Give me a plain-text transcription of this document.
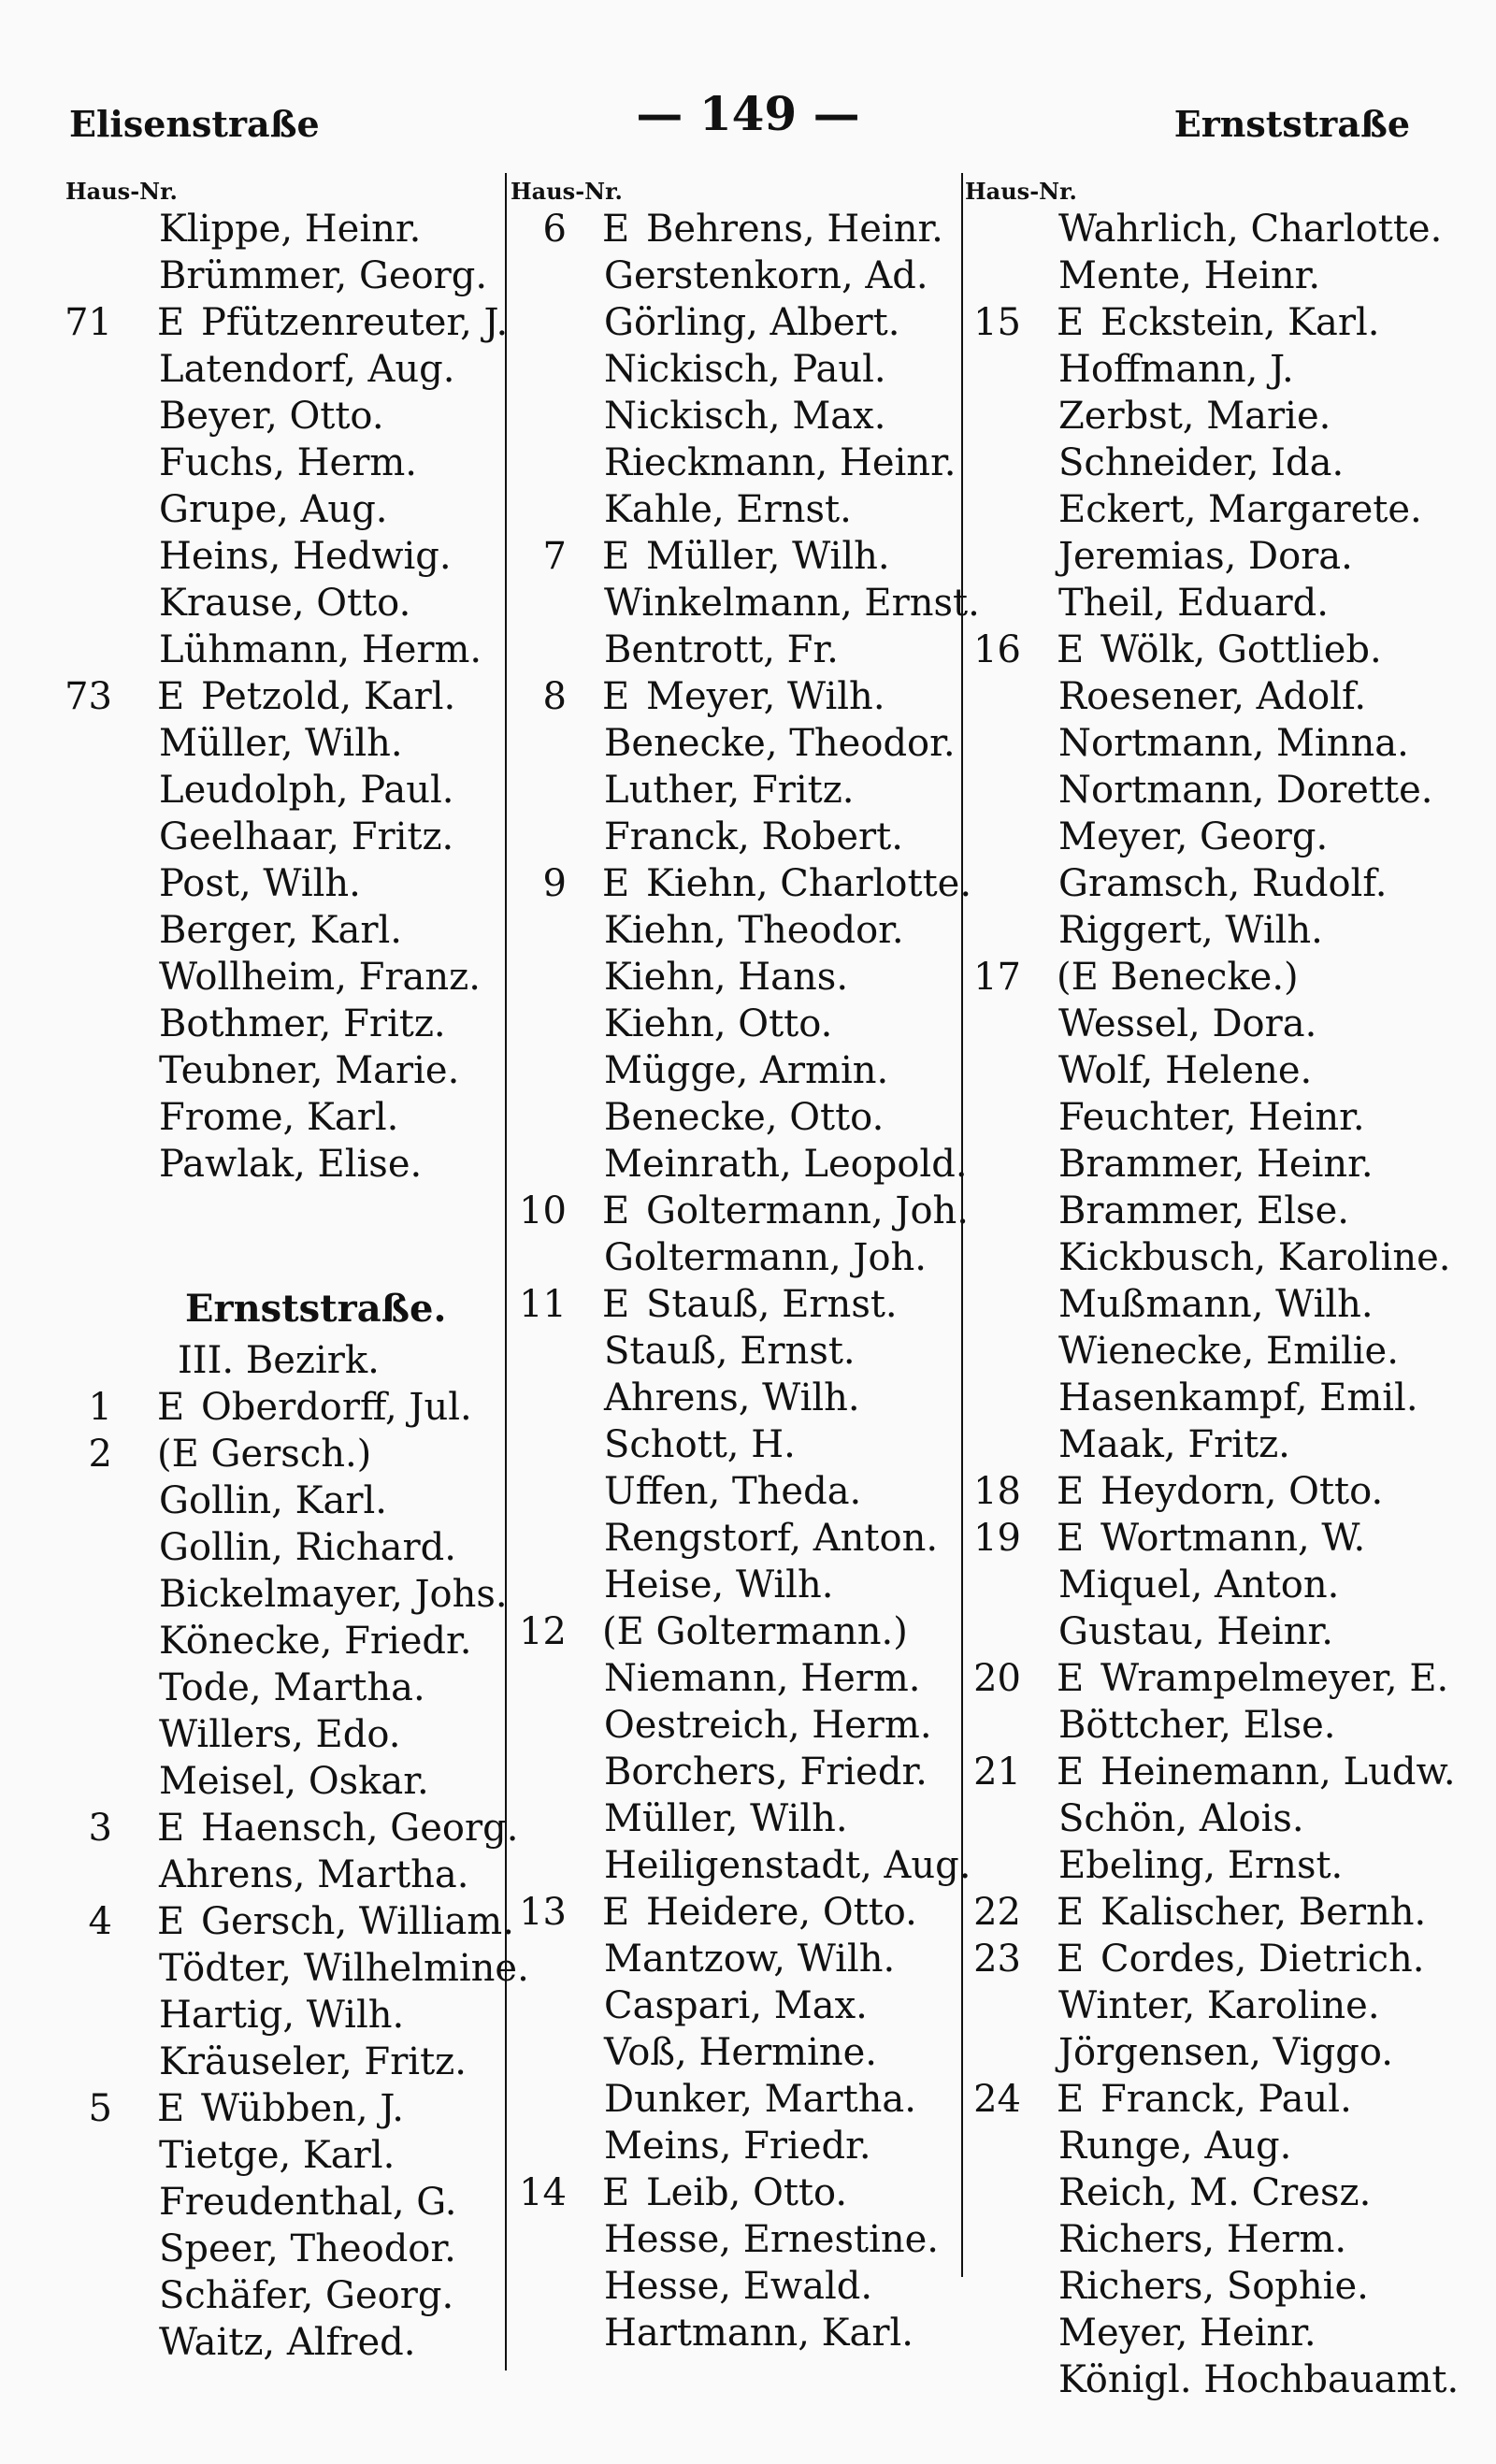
Elisenstraße	— 149 —	Ernststraße
Haus-Nr.
Klippe, Heinr.
Brümmer, Georg.
71 E Pfützenreuter, J.
Latendorf, Aug.
Beyer, Otto.
Fuchs, Herm.
Grupe, Aug.
Heins, Hedwig.
Krause, Otto.
Lühmann, Herm.
73 E Petzold, Karl.
Müller, Wilh.
Leudolph, Paul.
Geelhaar, Fritz.
Post, Wilh.
Berger, Karl.
Wollheim, Franz.
Bothmer, Fritz.
Teubner, Marie.
Frome, Karl.
Pawlak, Elise.
Ernststraße.
III. Bezirk.
1 E Oberdorff, Jul.
2 (E Gersch.)
Gollin, Karl.
Gollin, Richard.
Bickelmayer, Johs.
Könecke, Friedr.
Tode, Martha.
Willers, Edo.
Meisel, Oskar.
3 E Haensch, Georg.
Ahrens, Martha.
4 E Gersch, William.
Tödter, Wilhelmine.
Hartig, Wilh.
Kräuseler, Fritz.
5 E Wübben, J.
Tietge, Karl.
Freudenthal, G.
Speer, Theodor.
Schäfer, Georg.
Waitz, Alfred.
Haus-Nr.
6 E Behrens, Heinr.
Gerstenkorn, Ad.
Görling, Albert.
Nickisch, Paul.
Nickisch, Max.
Rieckmann, Heinr.
Kahle, Ernst.
7 E Müller, Wilh.
Winkelmann, Ernst.
Bentrott, Fr.
8 E Meyer, Wilh.
Benecke, Theodor.
Luther, Fritz.
Franck, Robert.
9 E Kiehn, Charlotte.
Kiehn, Theodor.
Kiehn, Hans.
Kiehn, Otto.
Mügge, Armin.
Benecke, Otto.
Meinrath, Leopold.
10 E Goltermann, Joh.
Goltermann, Joh.
11 E Stauß, Ernst.
Stauß, Ernst.
Ahrens, Wilh.
Schott, H.
Uffen, Theda.
Rengstorf, Anton.
Heise, Wilh.
12 (E Goltermann.)
Niemann, Herm.
Oestreich, Herm.
Borchers, Friedr.
Müller, Wilh.
Heiligenstadt, Aug.
13 E Heidere, Otto.
Mantzow, Wilh.
Caspari, Max.
Voß, Hermine.
Dunker, Martha.
Meins, Friedr.
14 E Leib, Otto.
Hesse, Ernestine.
Hesse, Ewald.
Hartmann, Karl.
Haus-Nr.
Wahrlich, Charlotte.
Mente, Heinr.
15 E Eckstein, Karl.
Hoffmann, J.
Zerbst, Marie.
Schneider, Ida.
Eckert, Margarete.
Jeremias, Dora.
Theil, Eduard.
16 E Wölk, Gottlieb.
Roesener, Adolf.
Nortmann, Minna.
Nortmann, Dorette.
Meyer, Georg.
Gramsch, Rudolf.
Riggert, Wilh.
17 (E Benecke.)
Wessel, Dora.
Wolf, Helene.
Feuchter, Heinr.
Brammer, Heinr.
Brammer, Else.
Kickbusch, Karoline.
Mußmann, Wilh.
Wienecke, Emilie.
Hasenkampf, Emil.
Maak, Fritz.
18 E Heydorn, Otto.
19 E Wortmann, W.
Miquel, Anton.
Gustau, Heinr.
20 E Wrampelmeyer, E.
Böttcher, Else.
21 E Heinemann, Ludw.
Schön, Alois.
Ebeling, Ernst.
22 E Kalischer, Bernh.
23 E Cordes, Dietrich.
Winter, Karoline.
Jörgensen, Viggo.
24 E Franck, Paul.
Runge, Aug.
Reich, M. Cresz.
Richers, Herm.
Richers, Sophie.
Meyer, Heinr.
Königl. Hochbauamt.
